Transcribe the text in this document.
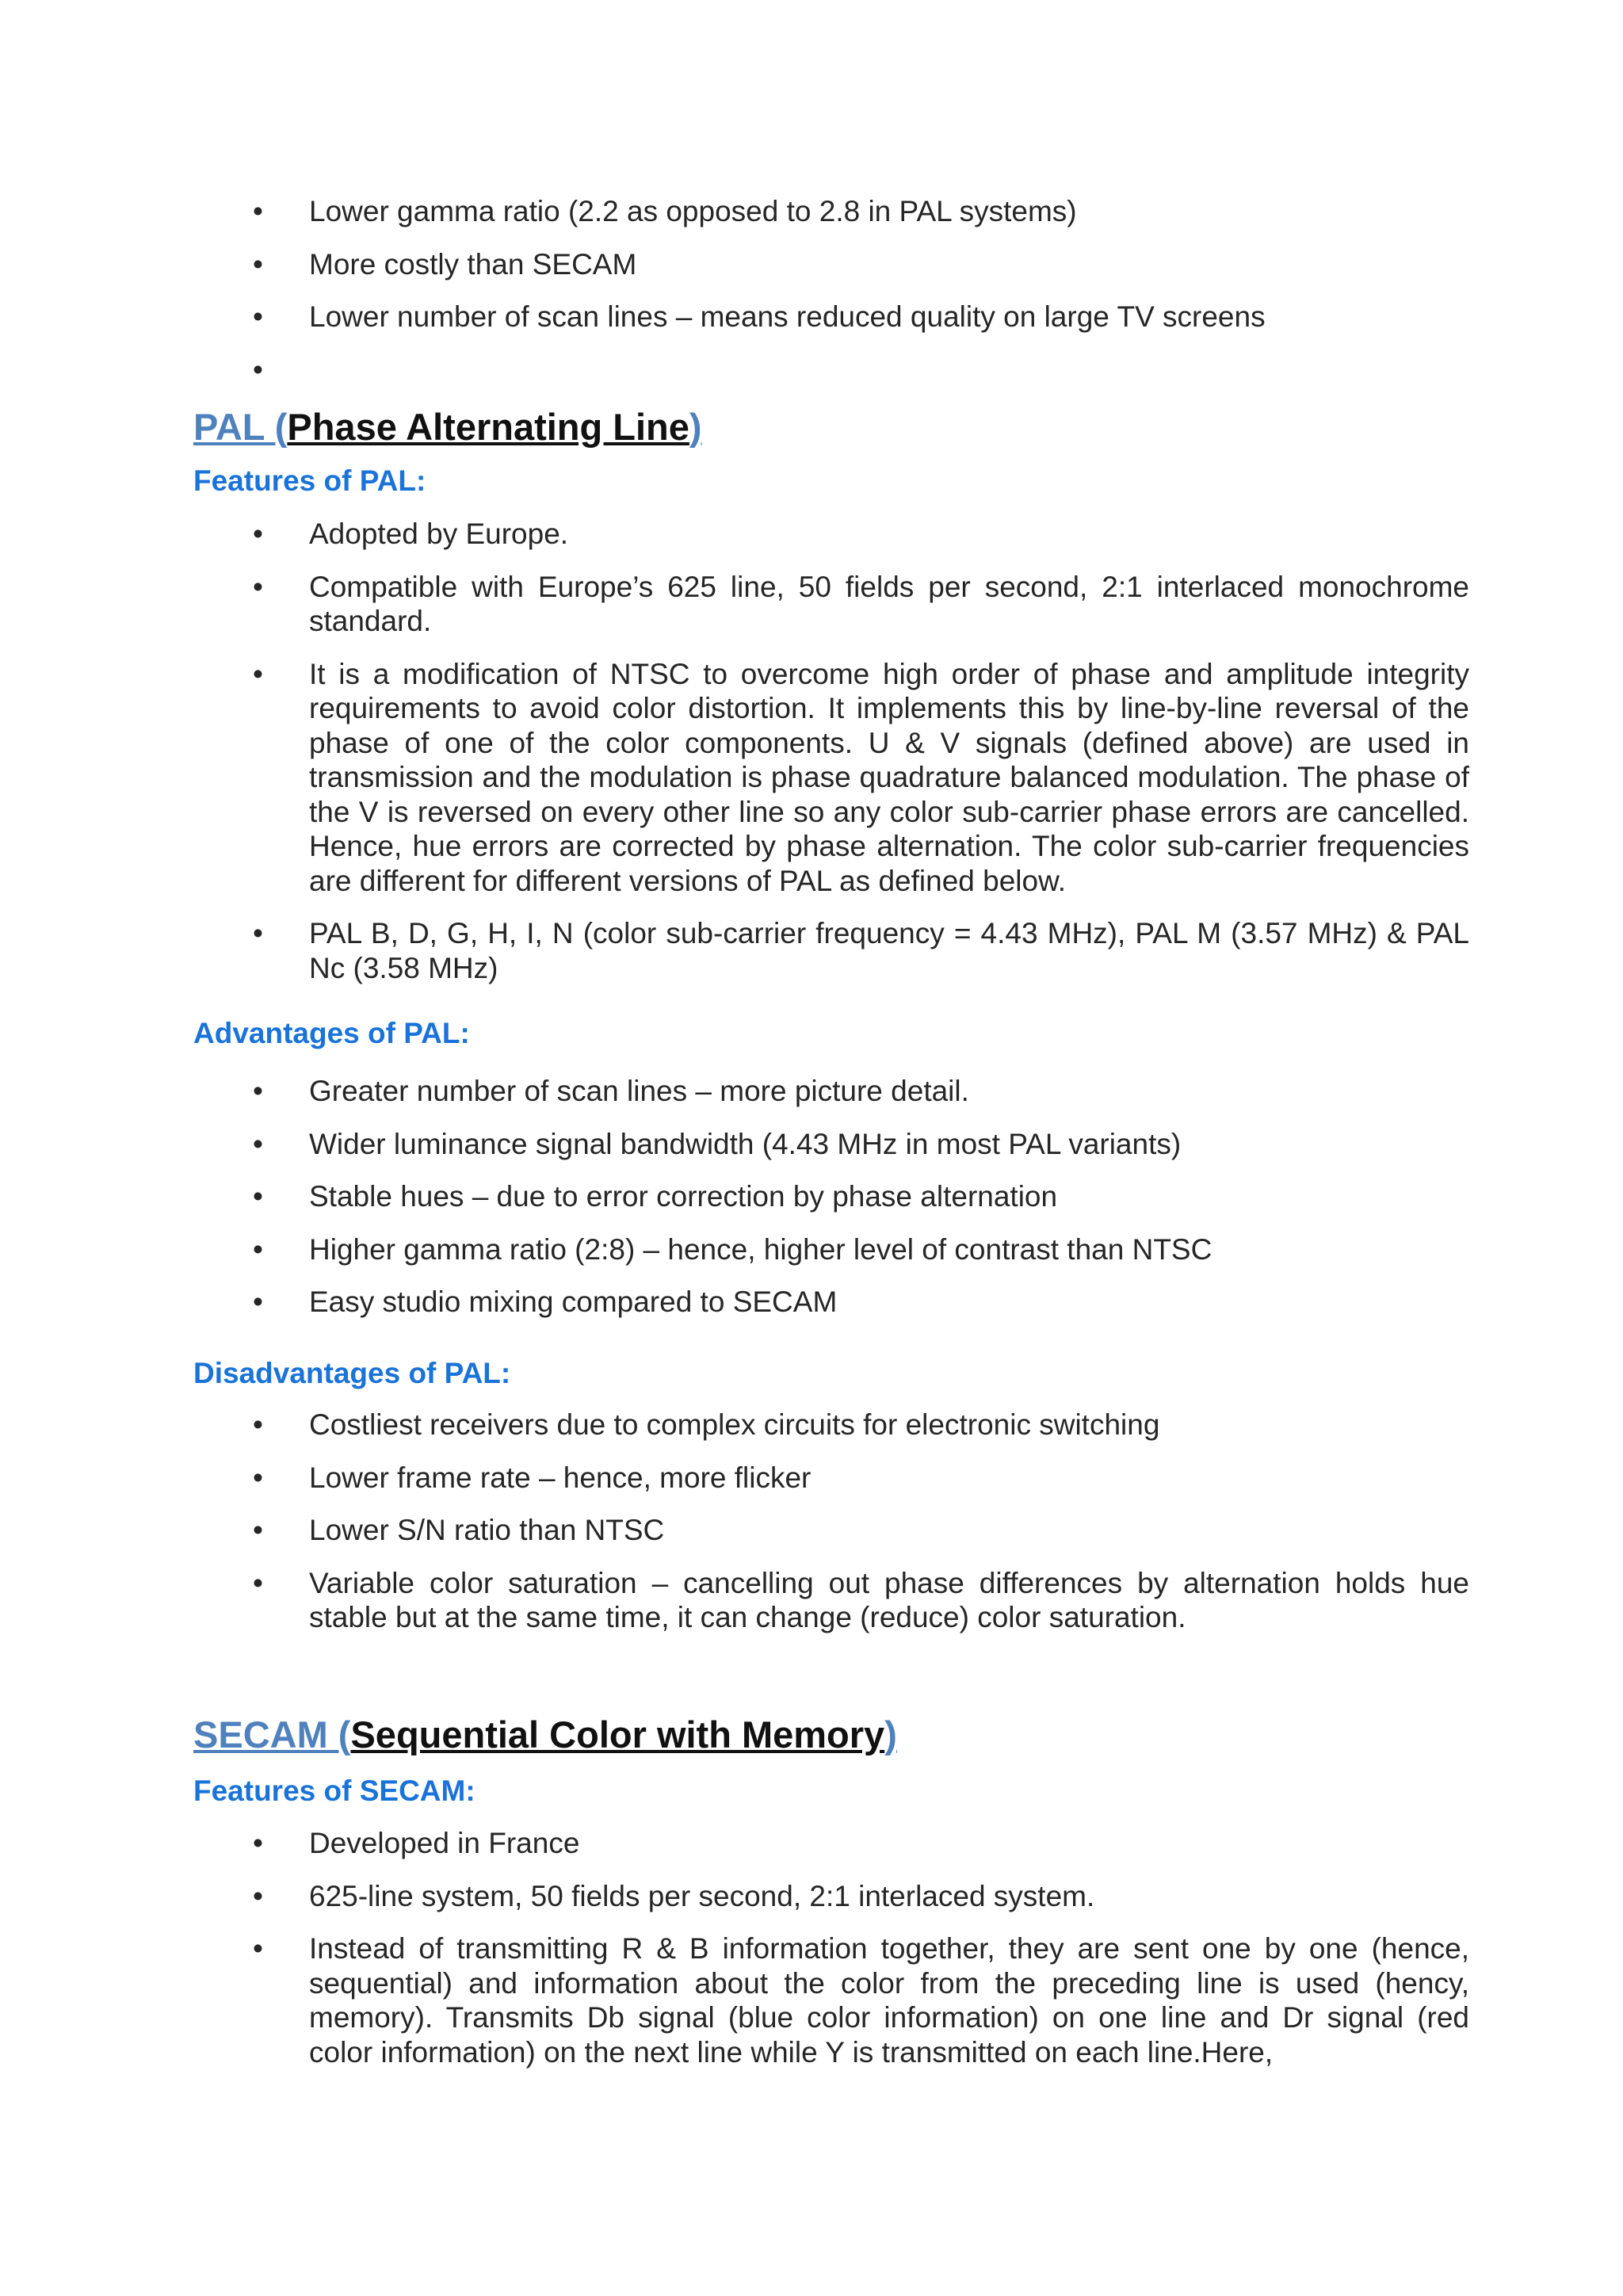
• Lower gamma ratio (2.2 as opposed to 2.8 in PAL systems)
• More costly than SECAM
• Lower number of scan lines – means reduced quality on large TV screens
•
PAL (Phase Alternating Line)
Features of PAL:
• Adopted by Europe.
• Compatible with Europe’s 625 line, 50 fields per second, 2:1 interlaced monochrome standard.
• It is a modification of NTSC to overcome high order of phase and amplitude integrity requirements to avoid color distortion. It implements this by line-by-line reversal of the phase of one of the color components. U & V signals (defined above) are used in transmission and the modulation is phase quadrature balanced modulation. The phase of the V is reversed on every other line so any color sub-carrier phase errors are cancelled. Hence, hue errors are corrected by phase alternation. The color sub-carrier frequencies are different for different versions of PAL as defined below.
• PAL B, D, G, H, I, N (color sub-carrier frequency = 4.43 MHz), PAL M (3.57 MHz) & PAL Nc (3.58 MHz)
Advantages of PAL:
• Greater number of scan lines – more picture detail.
• Wider luminance signal bandwidth (4.43 MHz in most PAL variants)
• Stable hues – due to error correction by phase alternation
• Higher gamma ratio (2:8) – hence, higher level of contrast than NTSC
• Easy studio mixing compared to SECAM
Disadvantages of PAL:
• Costliest receivers due to complex circuits for electronic switching
• Lower frame rate – hence, more flicker
• Lower S/N ratio than NTSC
• Variable color saturation – cancelling out phase differences by alternation holds hue stable but at the same time, it can change (reduce) color saturation.
SECAM (Sequential Color with Memory)
Features of SECAM:
• Developed in France
• 625-line system, 50 fields per second, 2:1 interlaced system.
• Instead of transmitting R & B information together, they are sent one by one (hence, sequential) and information about the color from the preceding line is used (hency, memory). Transmits Db signal (blue color information) on one line and Dr signal (red color information) on the next line while Y is transmitted on each line.Here,
